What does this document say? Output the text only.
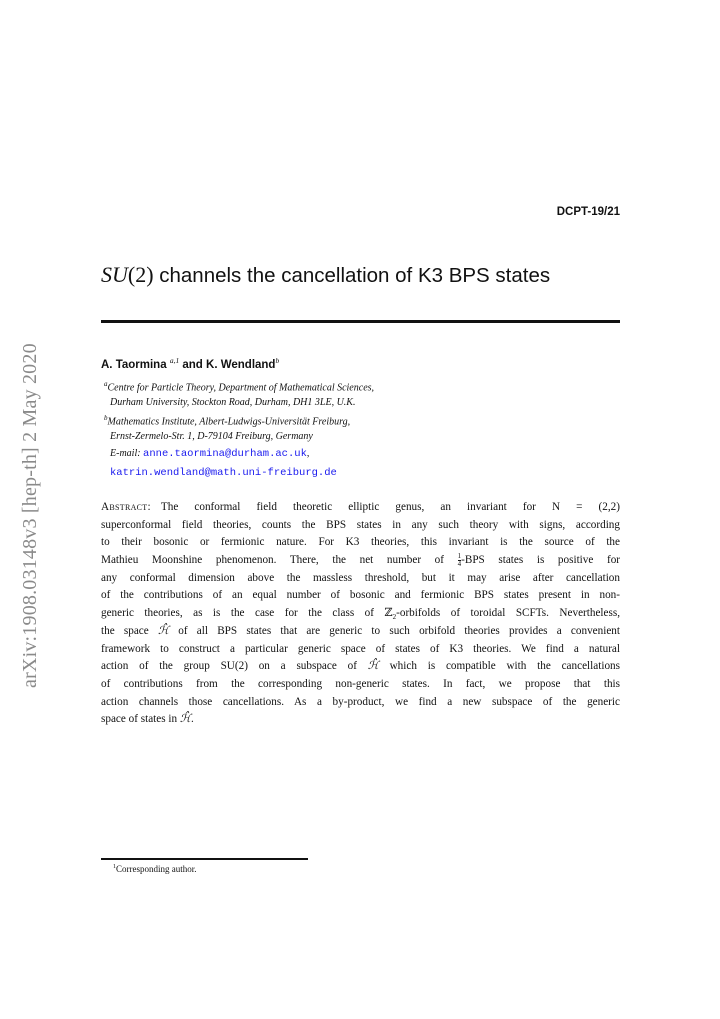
arXiv:1908.03148v3 [hep-th] 2 May 2020
DCPT-19/21
SU(2) channels the cancellation of K3 BPS states
A. Taormina $^{a,1}$ and K. Wendland$^b$
$^a$Centre for Particle Theory, Department of Mathematical Sciences,
Durham University, Stockton Road, Durham, DH1 3LE, U.K.
$^b$Mathematics Institute, Albert-Ludwigs-Universität Freiburg,
Ernst-Zermelo-Str. 1, D-79104 Freiburg, Germany
E-mail: anne.taormina@durham.ac.uk,
katrin.wendland@math.uni-freiburg.de
Abstract: The conformal field theoretic elliptic genus, an invariant for N = (2,2)
superconformal field theories, counts the BPS states in any such theory with signs, according
to their bosonic or fermionic nature. For K3 theories, this invariant is the source of the
Mathieu Moonshine phenomenon. There, the net number of $\frac{1}{4} -BPS$ states is positive for
any conformal dimension above the massless threshold, but it may arise after cancellation
of the contributions of an equal number of bosonic and fermionic BPS states present in non-
generic theories, as is the case for the class of ℤ$_2$-orbifolds of toroidal SCFTs. Nevertheless,
the space ℋ̂ of all BPS states that are generic to such orbifold theories provides a convenient
framework to construct a particular generic space of states of K3 theories. We find a natural
action of the group SU(2) on a subspace of ℋ̂ which is compatible with the cancellations
of contributions from the corresponding non-generic states. In fact, we propose that this
action channels those cancellations. As a by-product, we find a new subspace of the generic
space of states in ℋ̂.
$^1$Corresponding author.
